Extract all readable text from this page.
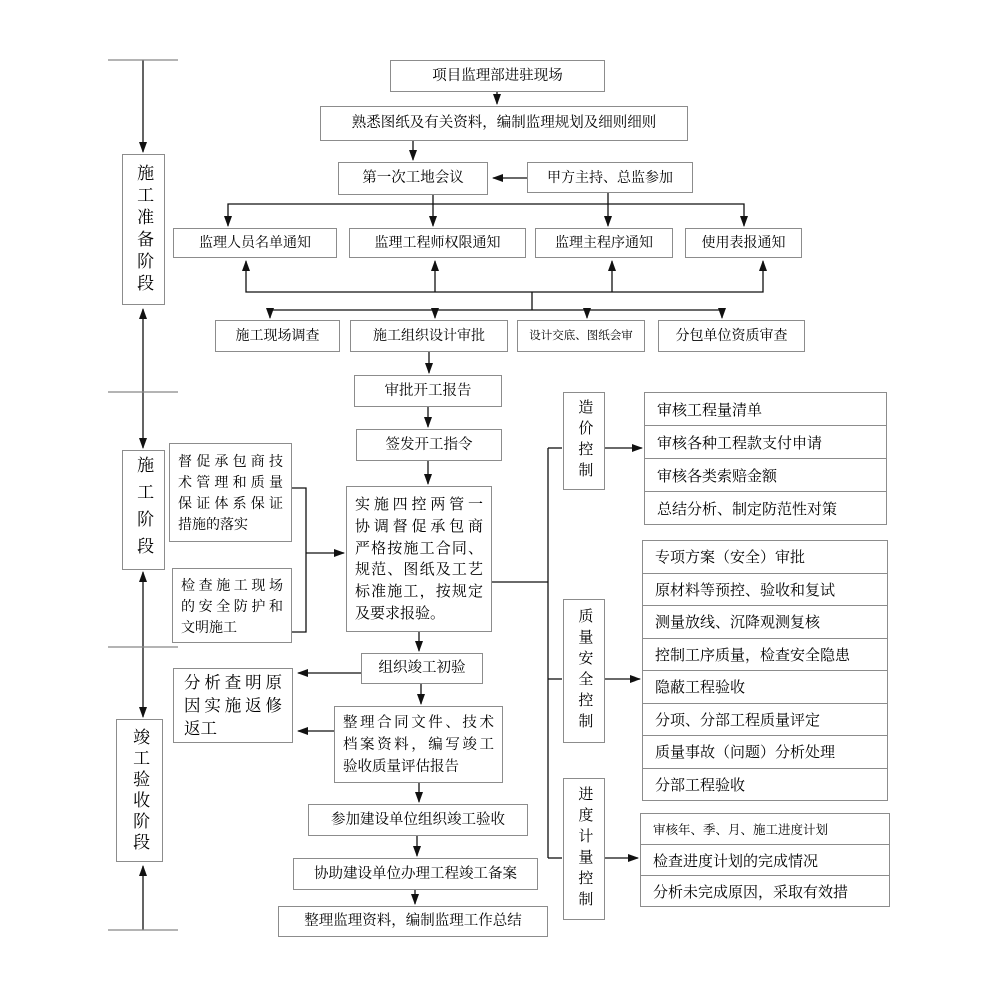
施工准备阶段
施工阶段
竣工验收阶段
项目监理部进驻现场
熟悉图纸及有关资料，编制监理规划及细则细则
第一次工地会议	甲方主持、总监参加
监理人员名单通知	监理工程师权限通知	监理主程序通知	使用表报通知
施工现场调查	施工组织设计审批	设计交底、图纸会审	分包单位资质审查
审批开工报告
签发开工指令
实施四控两管一
协调督促承包商
严格按施工合同、
规范、图纸及工艺
标准施工，按规定
及要求报验。
督促承包商技
术管理和质量
保证体系保证
措施的落实
检查施工现场
的安全防护和
文明施工
组织竣工初验
分析查明原
因实施返修
返工	整理合同文件、技术
档案资料，编写竣工
验收质量评估报告
参加建设单位组织竣工验收
协助建设单位办理工程竣工备案
整理监理资料，编制监理工作总结
造价控制
质量安全控制
进度计量控制
审核工程量清单
审核各种工程款支付申请
审核各类索赔金额
总结分析、制定防范性对策
专项方案（安全）审批
原材料等预控、验收和复试
测量放线、沉降观测复核
控制工序质量，检查安全隐患
隐蔽工程验收
分项、分部工程质量评定
质量事故（问题）分析处理
分部工程验收
审核年、季、月、施工进度计划
检查进度计划的完成情况
分析未完成原因，采取有效措
